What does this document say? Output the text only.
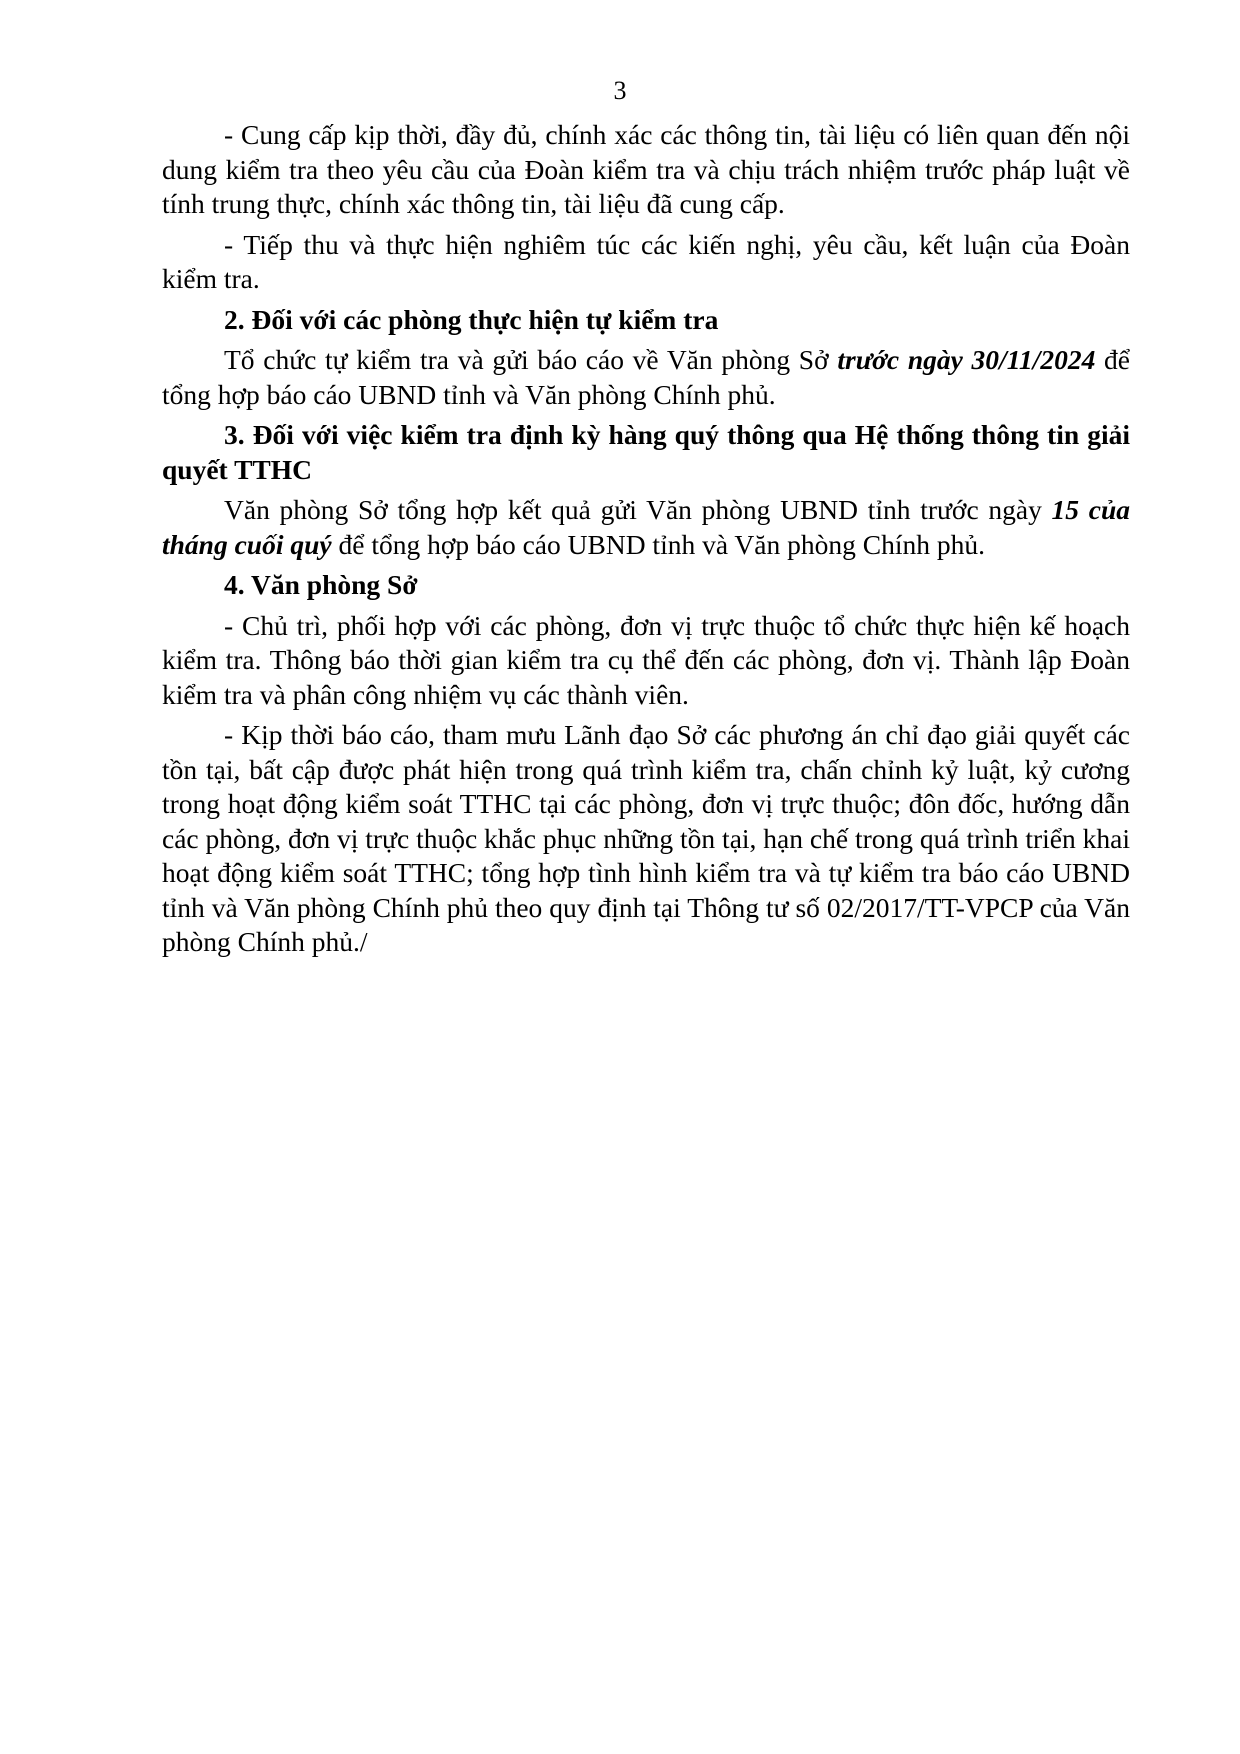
3

- Cung cấp kịp thời, đầy đủ, chính xác các thông tin, tài liệu có liên quan đến nội dung kiểm tra theo yêu cầu của Đoàn kiểm tra và chịu trách nhiệm trước pháp luật về tính trung thực, chính xác thông tin, tài liệu đã cung cấp.

- Tiếp thu và thực hiện nghiêm túc các kiến nghị, yêu cầu, kết luận của Đoàn kiểm tra.

2. Đối với các phòng thực hiện tự kiểm tra

Tổ chức tự kiểm tra và gửi báo cáo về Văn phòng Sở trước ngày 30/11/2024 để tổng hợp báo cáo UBND tỉnh và Văn phòng Chính phủ.

3. Đối với việc kiểm tra định kỳ hàng quý thông qua Hệ thống thông tin giải quyết TTHC

Văn phòng Sở tổng hợp kết quả gửi Văn phòng UBND tỉnh trước ngày 15 của tháng cuối quý để tổng hợp báo cáo UBND tỉnh và Văn phòng Chính phủ.

4. Văn phòng Sở

- Chủ trì, phối hợp với các phòng, đơn vị trực thuộc tổ chức thực hiện kế hoạch kiểm tra. Thông báo thời gian kiểm tra cụ thể đến các phòng, đơn vị. Thành lập Đoàn kiểm tra và phân công nhiệm vụ các thành viên.

- Kịp thời báo cáo, tham mưu Lãnh đạo Sở các phương án chỉ đạo giải quyết các tồn tại, bất cập được phát hiện trong quá trình kiểm tra, chấn chỉnh kỷ luật, kỷ cương trong hoạt động kiểm soát TTHC tại các phòng, đơn vị trực thuộc; đôn đốc, hướng dẫn các phòng, đơn vị trực thuộc khắc phục những tồn tại, hạn chế trong quá trình triển khai hoạt động kiểm soát TTHC; tổng hợp tình hình kiểm tra và tự kiểm tra báo cáo UBND tỉnh và Văn phòng Chính phủ theo quy định tại Thông tư số 02/2017/TT-VPCP của Văn phòng Chính phủ./
